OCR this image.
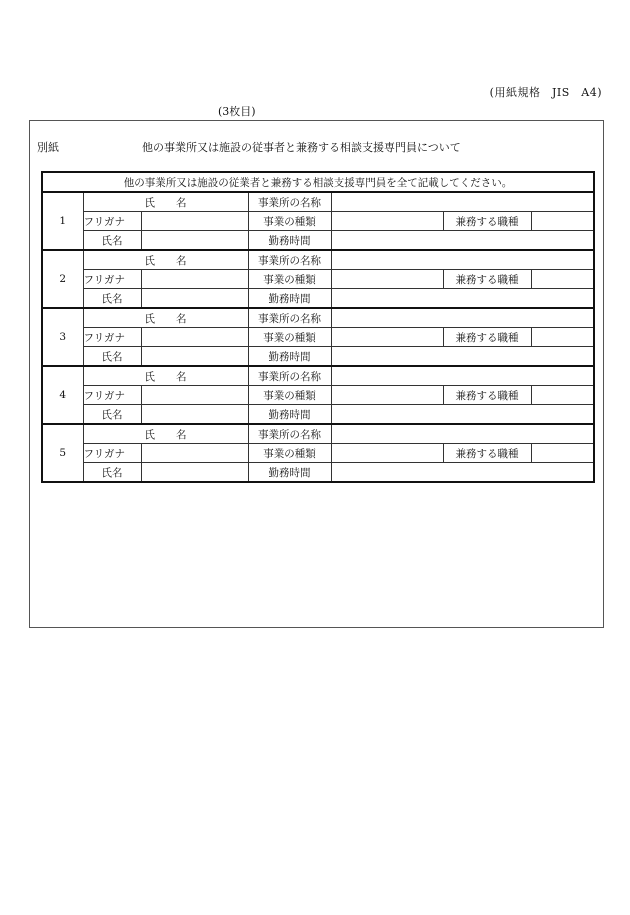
(用紙規格　JIS　A4)
(3枚目)
別紙	他の事業所又は施設の従事者と兼務する相談支援専門員について
他の事業所又は施設の従業者と兼務する相談支援専門員を全て記載してください。						
1	氏　　名		事業所の名称			
	フリガナ		事業の種類		兼務する職種	
	氏名		勤務時間			
2	氏　　名		事業所の名称			
	フリガナ		事業の種類		兼務する職種	
	氏名		勤務時間			
3	氏　　名		事業所の名称			
	フリガナ		事業の種類		兼務する職種	
	氏名		勤務時間			
4	氏　　名		事業所の名称			
	フリガナ		事業の種類		兼務する職種	
	氏名		勤務時間			
5	氏　　名		事業所の名称			
	フリガナ		事業の種類		兼務する職種	
	氏名		勤務時間			
